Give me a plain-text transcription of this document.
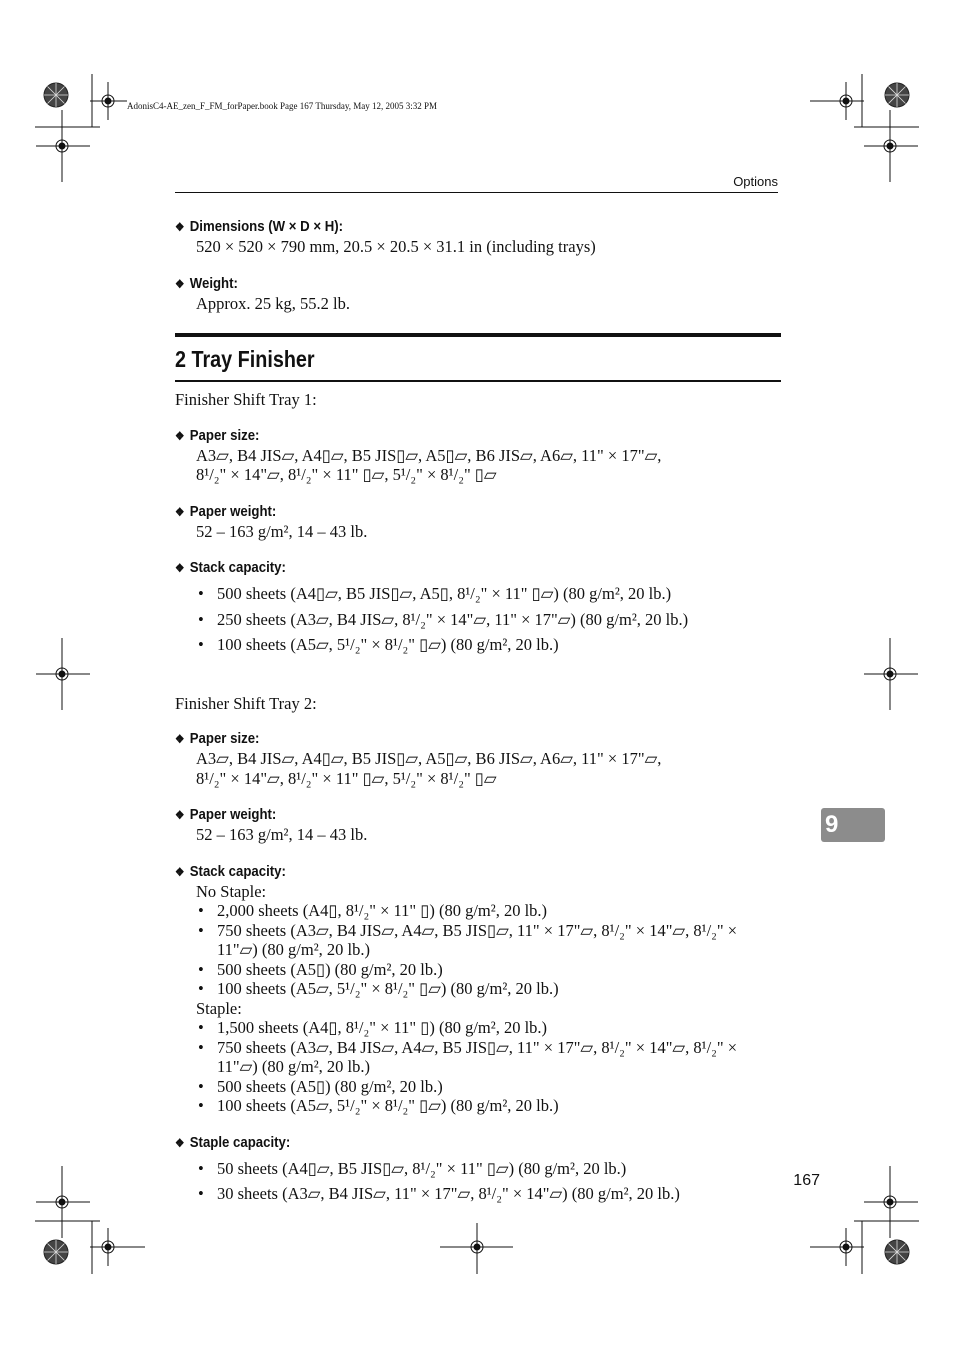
AdonisC4-AE_zen_F_FM_forPaper.book Page 167 Thursday, May 12, 2005 3:32 PM
Options

❖ Dimensions (W × D × H):

520 × 520 × 790 mm, 20.5 × 20.5 × 31.1 in (including trays)

❖ Weight:

Approx. 25 kg, 55.2 lb.
2 Tray Finisher

Finisher Shift Tray 1:

❖ Paper size:

A3▱, B4 JIS▱, A4▯▱, B5 JIS▯▱, A5▯▱, B6 JIS▱, A6▱, 11" × 17"▱,
8¹/₂" × 14"▱, 8¹/₂" × 11" ▯▱, 5¹/₂" × 8¹/₂" ▯▱

❖ Paper weight:

52 – 163 g/m², 14 – 43 lb.

❖ Stack capacity:

• 500 sheets (A4▯▱, B5 JIS▯▱, A5▯, 8¹/₂" × 11" ▯▱) (80 g/m², 20 lb.)
• 250 sheets (A3▱, B4 JIS▱, 8¹/₂" × 14"▱, 11" × 17"▱) (80 g/m², 20 lb.)
• 100 sheets (A5▱, 5¹/₂" × 8¹/₂" ▯▱) (80 g/m², 20 lb.)

Finisher Shift Tray 2:

❖ Paper size:

A3▱, B4 JIS▱, A4▯▱, B5 JIS▯▱, A5▯▱, B6 JIS▱, A6▱, 11" × 17"▱,
8¹/₂" × 14"▱, 8¹/₂" × 11" ▯▱, 5¹/₂" × 8¹/₂" ▯▱

❖ Paper weight:

52 – 163 g/m², 14 – 43 lb.

❖ Stack capacity:

No Staple:
• 2,000 sheets (A4▯, 8¹/₂" × 11" ▯) (80 g/m², 20 lb.)
• 750 sheets (A3▱, B4 JIS▱, A4▱, B5 JIS▯▱, 11" × 17"▱, 8¹/₂" × 14"▱, 8¹/₂" × 11"▱) (80 g/m², 20 lb.)
• 500 sheets (A5▯) (80 g/m², 20 lb.)
• 100 sheets (A5▱, 5¹/₂" × 8¹/₂" ▯▱) (80 g/m², 20 lb.)
Staple:
• 1,500 sheets (A4▯, 8¹/₂" × 11" ▯) (80 g/m², 20 lb.)
• 750 sheets (A3▱, B4 JIS▱, A4▱, B5 JIS▯▱, 11" × 17"▱, 8¹/₂" × 14"▱, 8¹/₂" × 11"▱) (80 g/m², 20 lb.)
• 500 sheets (A5▯) (80 g/m², 20 lb.)
• 100 sheets (A5▱, 5¹/₂" × 8¹/₂" ▯▱) (80 g/m², 20 lb.)

❖ Staple capacity:

• 50 sheets (A4▯▱, B5 JIS▯▱, 8¹/₂" × 11" ▯▱) (80 g/m², 20 lb.)
• 30 sheets (A3▱, B4 JIS▱, 11" × 17"▱, 8¹/₂" × 14"▱) (80 g/m², 20 lb.)
9
167
